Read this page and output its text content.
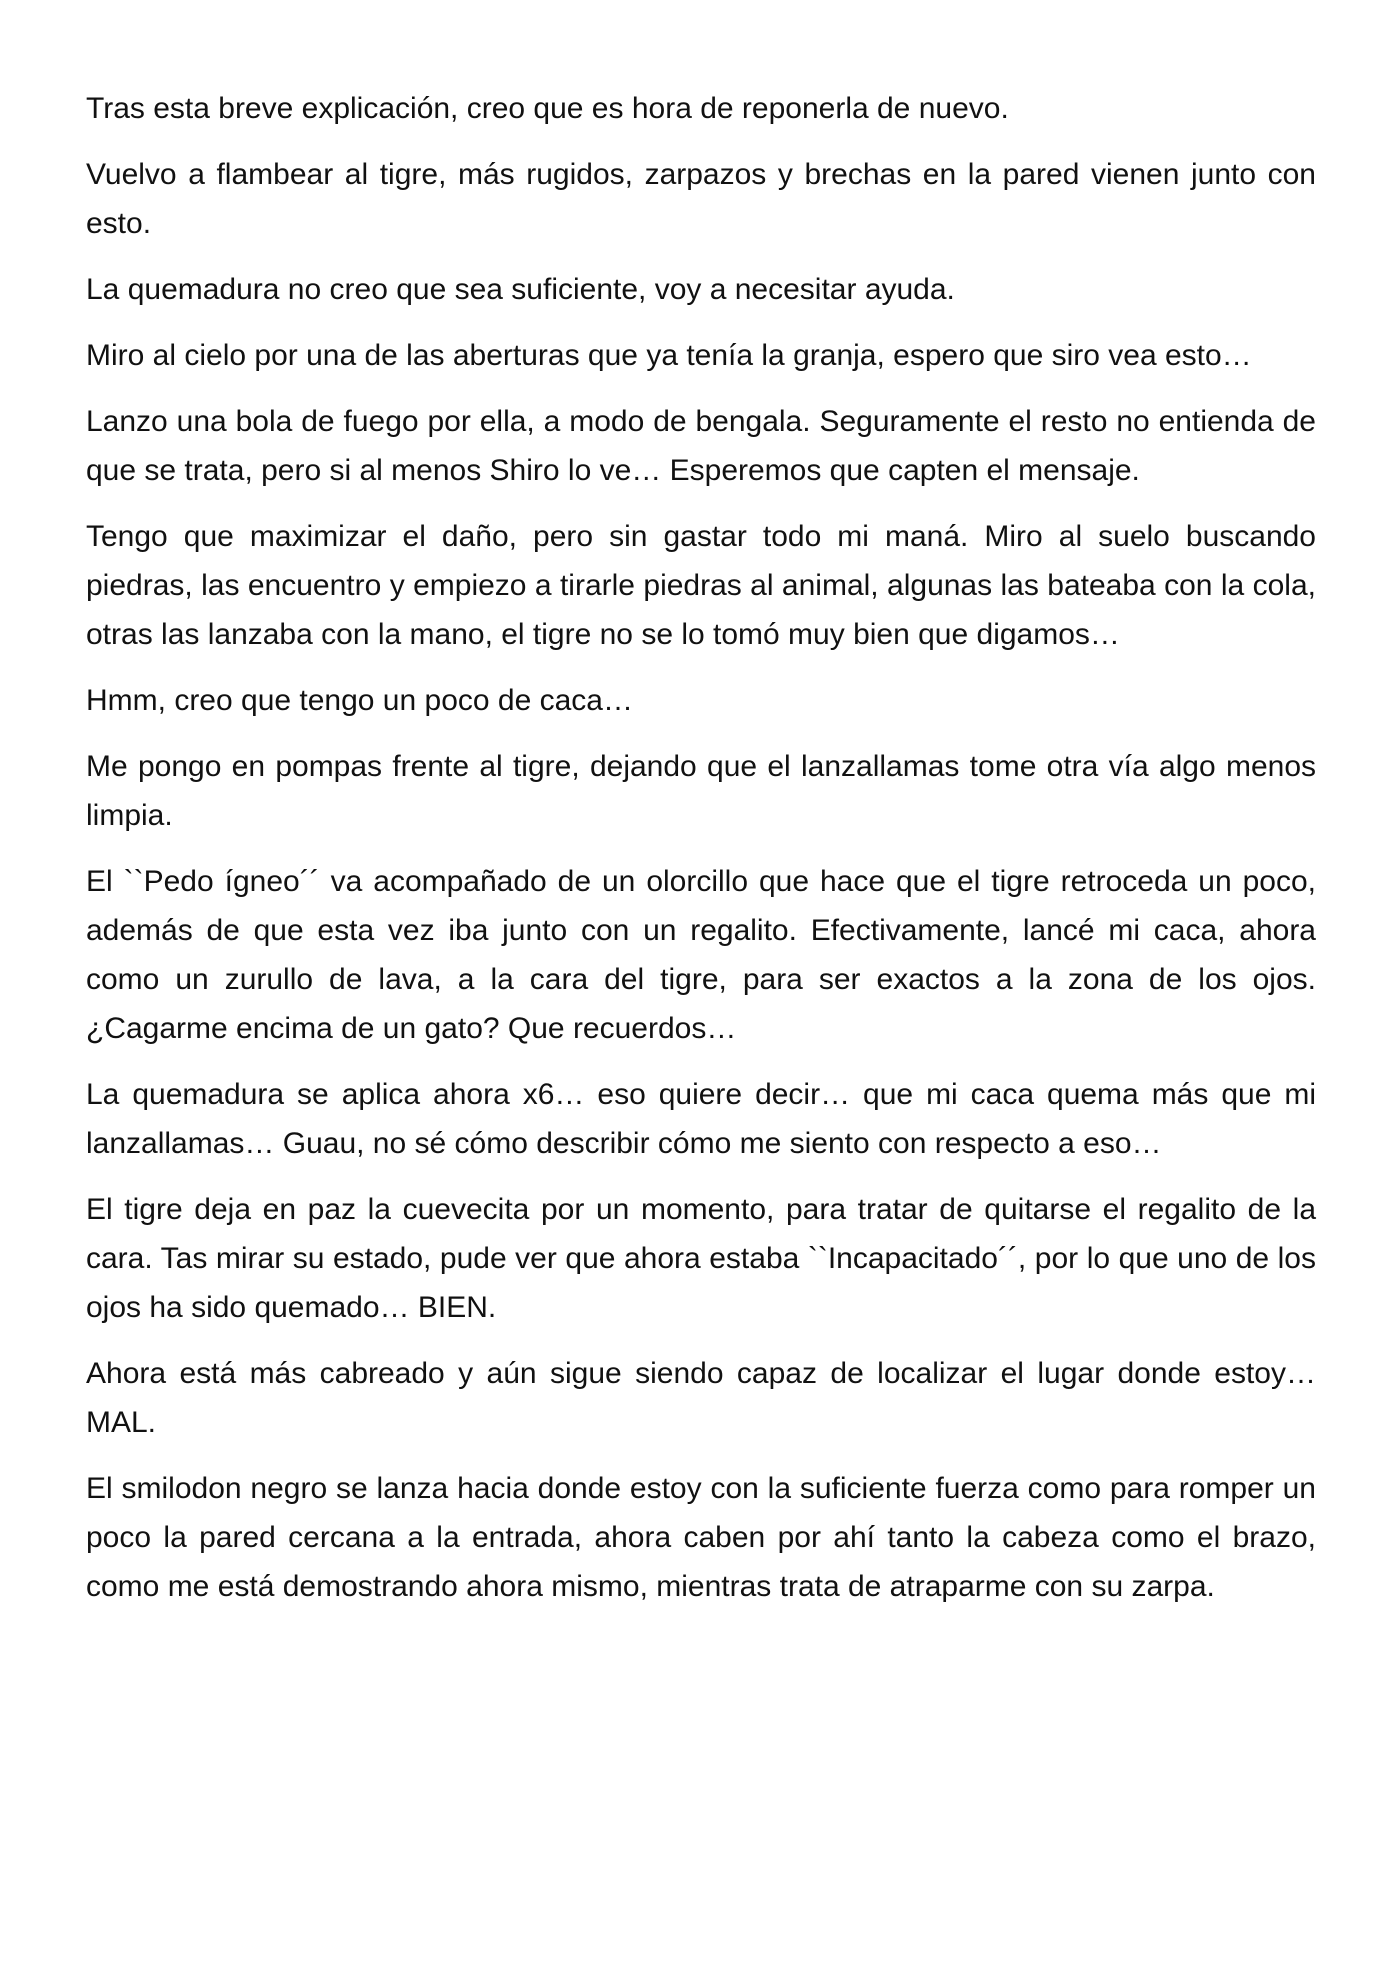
Tras esta breve explicación, creo que es hora de reponerla de nuevo.

Vuelvo a flambear al tigre, más rugidos, zarpazos y brechas en la pared vienen junto con esto.

La quemadura no creo que sea suficiente, voy a necesitar ayuda.

Miro al cielo por una de las aberturas que ya tenía la granja, espero que siro vea esto…

Lanzo una bola de fuego por ella, a modo de bengala. Seguramente el resto no entienda de que se trata, pero si al menos Shiro lo ve… Esperemos que capten el mensaje.

Tengo que maximizar el daño, pero sin gastar todo mi maná. Miro al suelo buscando piedras, las encuentro y empiezo a tirarle piedras al animal, algunas las bateaba con la cola, otras las lanzaba con la mano, el tigre no se lo tomó muy bien que digamos…

Hmm, creo que tengo un poco de caca…

Me pongo en pompas frente al tigre, dejando que el lanzallamas tome otra vía algo menos limpia.

El ``Pedo ígneo´´ va acompañado de un olorcillo que hace que el tigre retroceda un poco, además de que esta vez iba junto con un regalito. Efectivamente, lancé mi caca, ahora como un zurullo de lava, a la cara del tigre, para ser exactos a la zona de los ojos. ¿Cagarme encima de un gato? Que recuerdos…

La quemadura se aplica ahora x6… eso quiere decir… que mi caca quema más que mi lanzallamas… Guau, no sé cómo describir cómo me siento con respecto a eso…

El tigre deja en paz la cuevecita por un momento, para tratar de quitarse el regalito de la cara. Tas mirar su estado, pude ver que ahora estaba ``Incapacitado´´, por lo que uno de los ojos ha sido quemado… BIEN.

Ahora está más cabreado y aún sigue siendo capaz de localizar el lugar donde estoy… MAL.

El smilodon negro se lanza hacia donde estoy con la suficiente fuerza como para romper un poco la pared cercana a la entrada, ahora caben por ahí tanto la cabeza como el brazo, como me está demostrando ahora mismo, mientras trata de atraparme con su zarpa.
